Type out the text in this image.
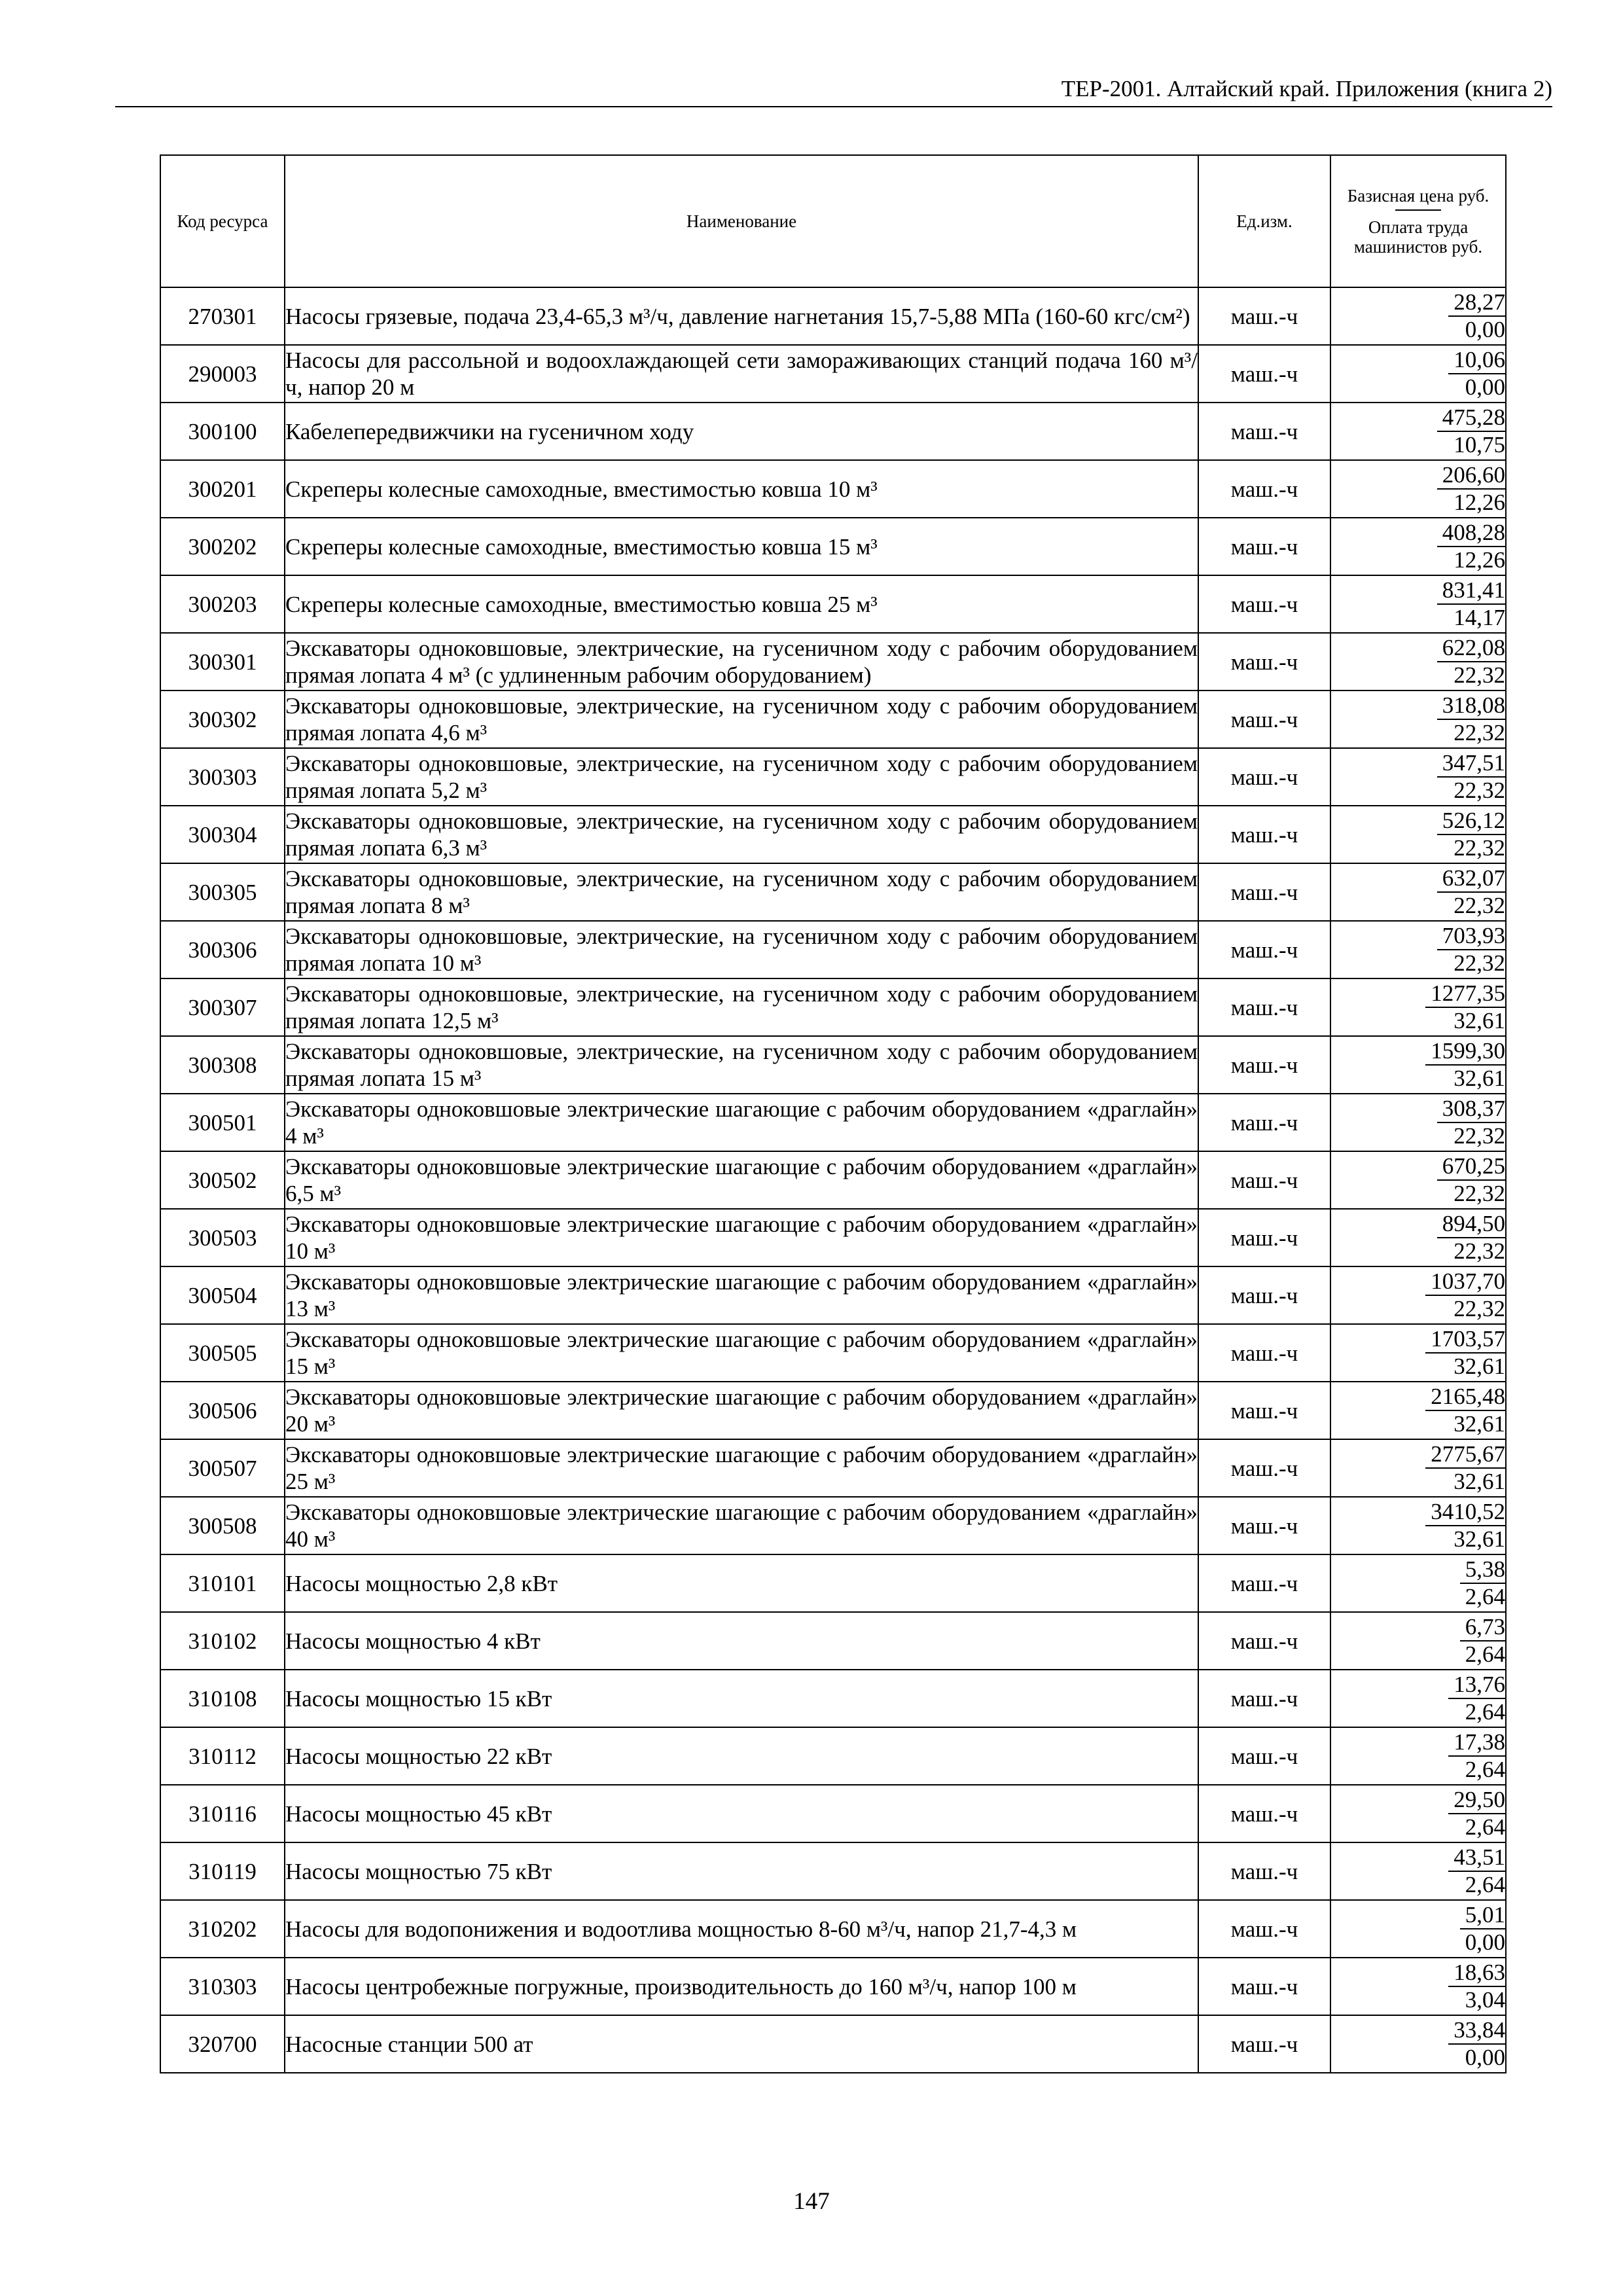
ТЕР-2001. Алтайский край. Приложения (книга 2)
Код ресурса	Наименование	Ед.изм.	Базисная цена руб.
Оплата труда машинистов руб.

270301	Насосы грязевые, подача 23,4-65,3 м³/ч, давление нагнетания 15,7-5,88 МПа (160-60 кгс/см²)	маш.-ч	28,27
0,00

290003	Насосы для рассольной и водоохлаждающей сети замораживающих станций подача 160 м³/ч, напор 20 м	маш.-ч	10,06
0,00

300100	Кабелепередвижчики на гусеничном ходу	маш.-ч	475,28
10,75

300201	Скреперы колесные самоходные, вместимостью ковша 10 м³	маш.-ч	206,60
12,26

300202	Скреперы колесные самоходные, вместимостью ковша 15 м³	маш.-ч	408,28
12,26

300203	Скреперы колесные самоходные, вместимостью ковша 25 м³	маш.-ч	831,41
14,17

300301	Экскаваторы одноковшовые, электрические, на гусеничном ходу с рабочим оборудованием прямая лопата 4 м³ (с удлиненным рабочим оборудованием)	маш.-ч	622,08
22,32

300302	Экскаваторы одноковшовые, электрические, на гусеничном ходу с рабочим оборудованием прямая лопата 4,6 м³	маш.-ч	318,08
22,32

300303	Экскаваторы одноковшовые, электрические, на гусеничном ходу с рабочим оборудованием прямая лопата 5,2 м³	маш.-ч	347,51
22,32

300304	Экскаваторы одноковшовые, электрические, на гусеничном ходу с рабочим оборудованием прямая лопата 6,3 м³	маш.-ч	526,12
22,32

300305	Экскаваторы одноковшовые, электрические, на гусеничном ходу с рабочим оборудованием прямая лопата 8 м³	маш.-ч	632,07
22,32

300306	Экскаваторы одноковшовые, электрические, на гусеничном ходу с рабочим оборудованием прямая лопата 10 м³	маш.-ч	703,93
22,32

300307	Экскаваторы одноковшовые, электрические, на гусеничном ходу с рабочим оборудованием прямая лопата 12,5 м³	маш.-ч	1277,35
32,61

300308	Экскаваторы одноковшовые, электрические, на гусеничном ходу с рабочим оборудованием прямая лопата 15 м³	маш.-ч	1599,30
32,61

300501	Экскаваторы одноковшовые электрические шагающие с рабочим оборудованием «драглайн» 4 м³	маш.-ч	308,37
22,32

300502	Экскаваторы одноковшовые электрические шагающие с рабочим оборудованием «драглайн» 6,5 м³	маш.-ч	670,25
22,32

300503	Экскаваторы одноковшовые электрические шагающие с рабочим оборудованием «драглайн» 10 м³	маш.-ч	894,50
22,32

300504	Экскаваторы одноковшовые электрические шагающие с рабочим оборудованием «драглайн» 13 м³	маш.-ч	1037,70
22,32

300505	Экскаваторы одноковшовые электрические шагающие с рабочим оборудованием «драглайн» 15 м³	маш.-ч	1703,57
32,61

300506	Экскаваторы одноковшовые электрические шагающие с рабочим оборудованием «драглайн» 20 м³	маш.-ч	2165,48
32,61

300507	Экскаваторы одноковшовые электрические шагающие с рабочим оборудованием «драглайн» 25 м³	маш.-ч	2775,67
32,61

300508	Экскаваторы одноковшовые электрические шагающие с рабочим оборудованием «драглайн» 40 м³	маш.-ч	3410,52
32,61

310101	Насосы мощностью 2,8 кВт	маш.-ч	5,38
2,64

310102	Насосы мощностью 4 кВт	маш.-ч	6,73
2,64

310108	Насосы мощностью 15 кВт	маш.-ч	13,76
2,64

310112	Насосы мощностью 22 кВт	маш.-ч	17,38
2,64

310116	Насосы мощностью 45 кВт	маш.-ч	29,50
2,64

310119	Насосы мощностью 75 кВт	маш.-ч	43,51
2,64

310202	Насосы для водопонижения и водоотлива мощностью 8-60 м³/ч, напор 21,7-4,3 м	маш.-ч	5,01
0,00

310303	Насосы центробежные погружные, производительность до 160 м³/ч, напор 100 м	маш.-ч	18,63
3,04

320700	Насосные станции 500 ат	маш.-ч	33,84
0,00
147
